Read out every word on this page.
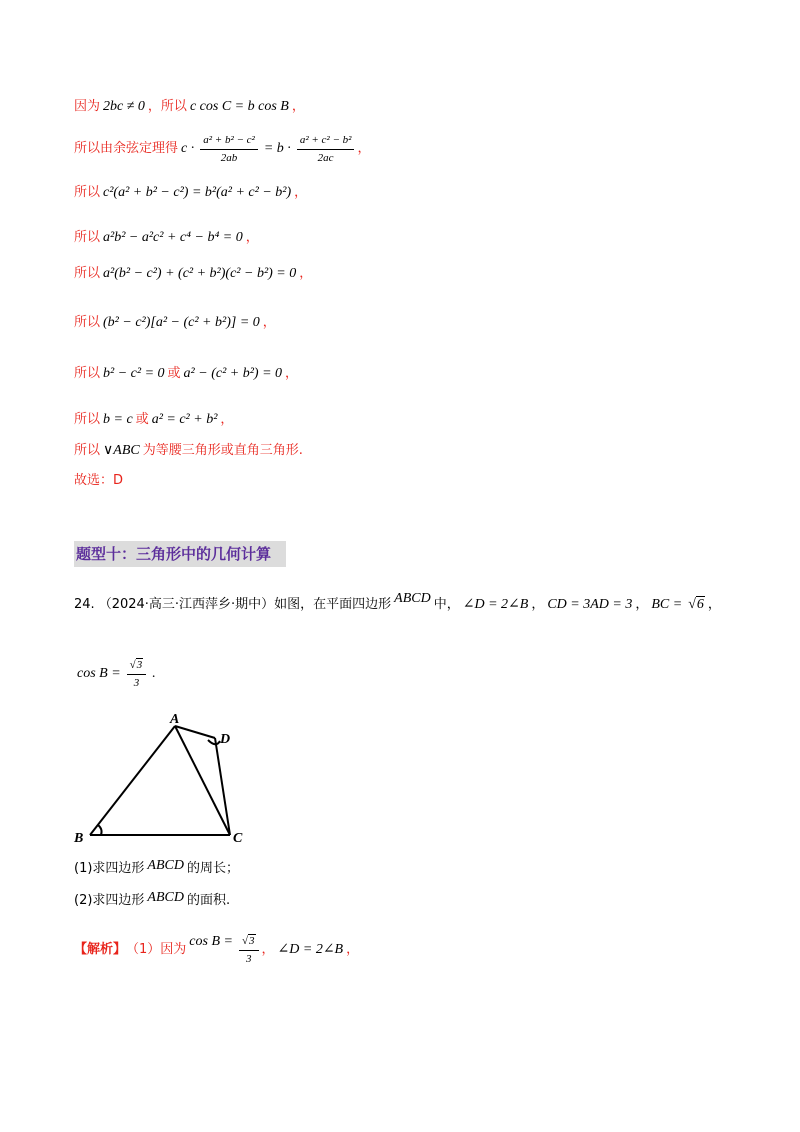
因为 2bc ≠ 0 ，所以 c cos C = b cos B ，
所以由余弦定理得 $c \cdot \frac{\text{a² + b² − c²}}{2ab} = b \cdot \frac{\text{a² + c² − b²}}{2ac}$ ，
所以 c²(a² + b² − c²) = b²(a² + c² − b²) ，
所以 a²b² − a²c² + c⁴ − b⁴ = 0 ，
所以 a²(b² − c²) + (c² + b²)(c² − b²) = 0 ，
所以 (b² − c²)[a² − (c² + b²)] = 0 ，
所以 b² − c² = 0 或 a² − (c² + b²) = 0 ，
所以 b = c 或 a² = c² + b² ，
所以 ∨ABC 为等腰三角形或直角三角形.
故选：D
题型十：三角形中的几何计算
24. （2024·高三·江西萍乡·期中）如图，在平面四边形 ABCD 中， ∠D = 2∠B ， CD = 3AD = 3 ， BC = √6 ，
$\cos B = \frac{√3}{3}$ .
A
B	C
D
(1)求四边形 ABCD 的周长；
(2)求四边形 ABCD 的面积.
【解析】 （1）因为
$\cos B = \frac{√3}{3}$ ， ∠D = 2∠B ，
